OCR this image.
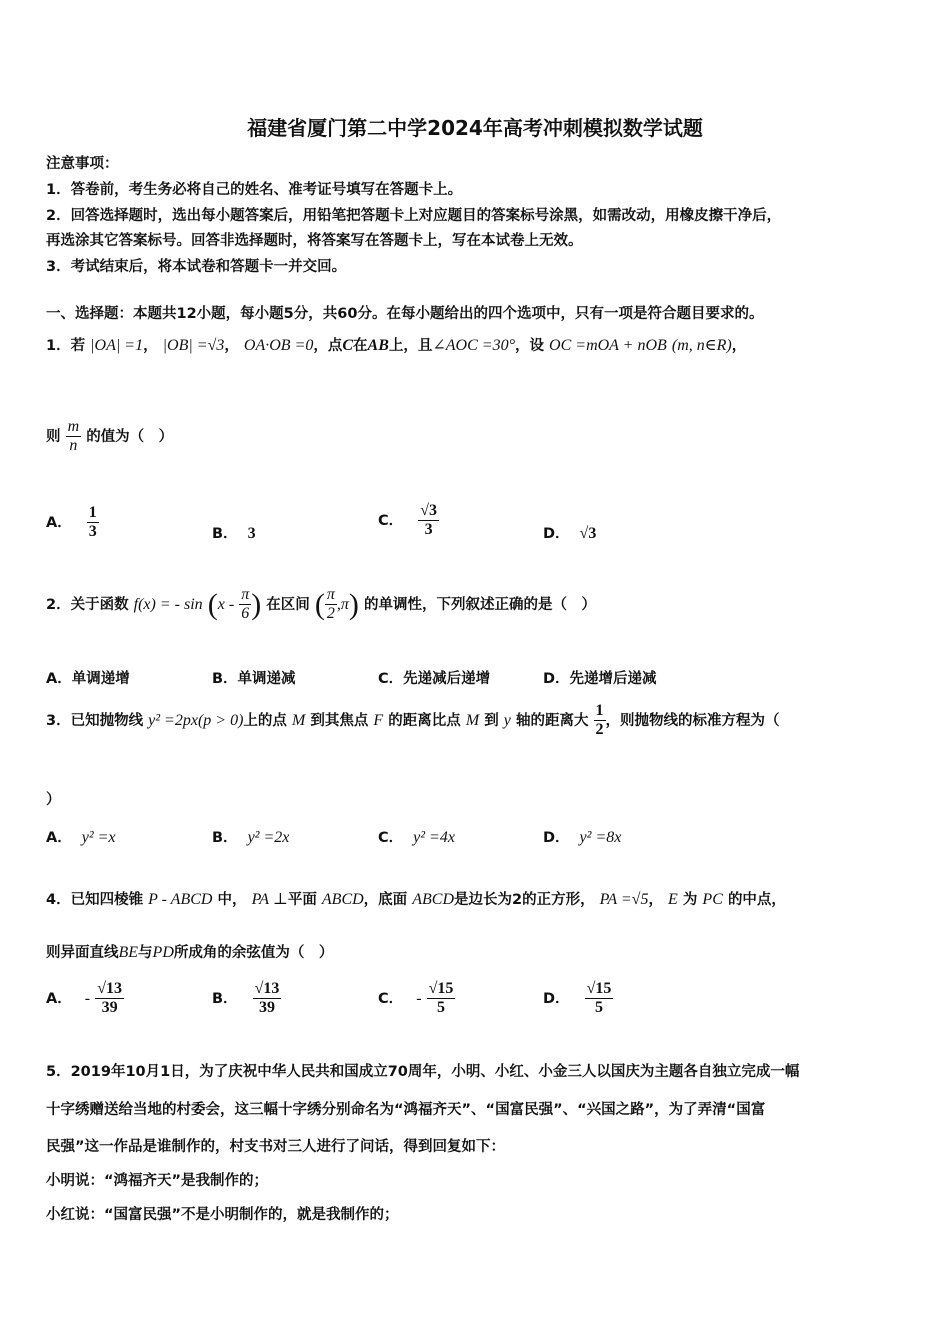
福建省厦门第二中学2024年高考冲刺模拟数学试题
注意事项：
1．答卷前，考生务必将自己的姓名、准考证号填写在答题卡上。
2．回答选择题时，选出每小题答案后，用铅笔把答题卡上对应题目的答案标号涂黑，如需改动，用橡皮擦干净后，
再选涂其它答案标号。回答非选择题时，将答案写在答题卡上，写在本试卷上无效。
3．考试结束后，将本试卷和答题卡一并交回。
一、选择题：本题共12小题，每小题5分，共60分。在每小题给出的四个选项中，只有一项是符合题目要求的。
1．若 |OA| =1， |OB| =√3， OA·OB =0，点C在AB上，且∠AOC =30°，设 OC =mOA + nOB (m, n∈R)，
则 $\frac{m}{n}$ 的值为（　）
A． $\frac{1}{3}$	B． 3
C． $\frac{√3}{3}$	D． √3
2．关于函数 f(x) = - $\sin (x - \frac{\pi}{6}$ ) 在区间 ( $\frac{\pi}{2} ,\pi$) 的单调性，下列叙述正确的是（　）
A．单调递增	B．单调递减	C．先递减后递增	D．先递增后递减
3．已知抛物线 y² =2px(p > 0)上的点 M 到其焦点 F 的距离比点 M 到 y 轴的距离大 $\frac{1}{2}$ ，则抛物线的标准方程为（
）
A． y² =x	B． y² =2x	C． y² =4x	D． y² =8x
4．已知四棱锥 P - ABCD 中， PA ⊥平面 ABCD，底面 ABCD是边长为2的正方形， PA =√5， E 为 PC 的中点，
则异面直线BE与PD所成角的余弦值为（　）
A． - $\frac{√13}{39}$	B． $\frac{√13}{39}$	C． - $\frac{√15}{5}$	D． $\frac{√15}{5}$
5．2019年10月1日，为了庆祝中华人民共和国成立70周年，小明、小红、小金三人以国庆为主题各自独立完成一幅
十字绣赠送给当地的村委会，这三幅十字绣分别命名为“鸿福齐天”、“国富民强”、“兴国之路”，为了弄清“国富
民强”这一作品是谁制作的，村支书对三人进行了问话，得到回复如下：
小明说：“鸿福齐天”是我制作的；
小红说：“国富民强”不是小明制作的，就是我制作的；
